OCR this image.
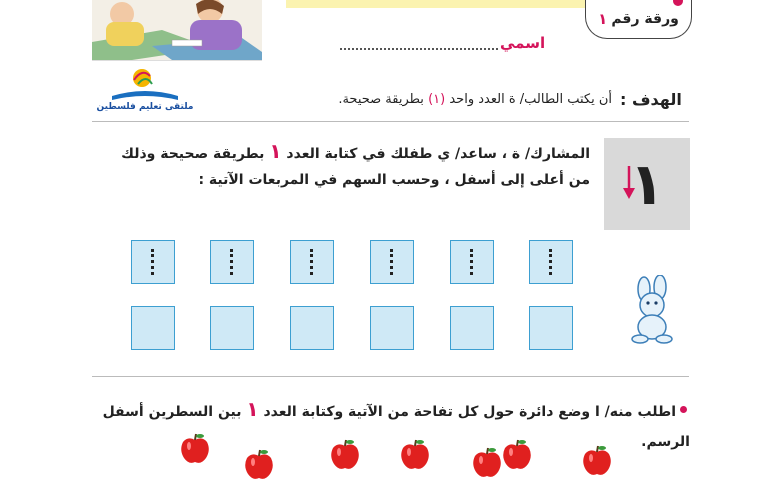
ورقة رقم
١
اسمي
ملتقى تعليم فلسطين	الهدف :
أن يكتب الطالب/ ة العدد واحد (١) بطريقة صحيحة.
١
المشارك/ ة ، ساعد/ ي طفلك في كتابة العدد ١ بطريقة صحيحة وذلك
من أعلى إلى أسفل ، وحسب السهم في المربعات الآتية :
اطلب منه/ ا وضع دائرة حول كل تفاحة من الآتية وكتابة العدد ١ بين السطرين أسفل
الرسم.
